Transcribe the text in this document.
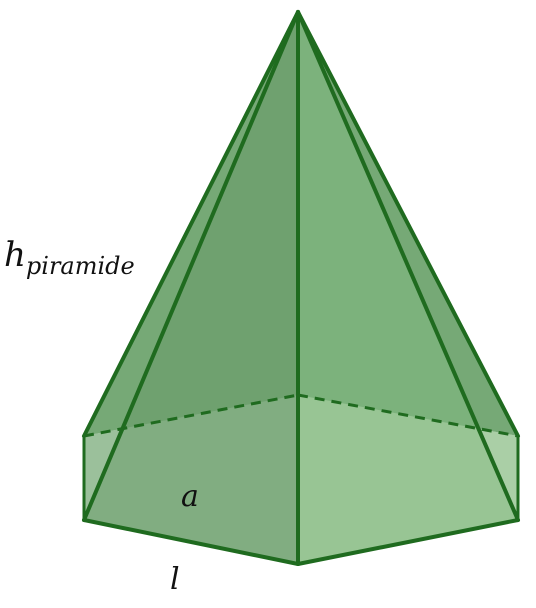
$h_{piramide}$
a
l
